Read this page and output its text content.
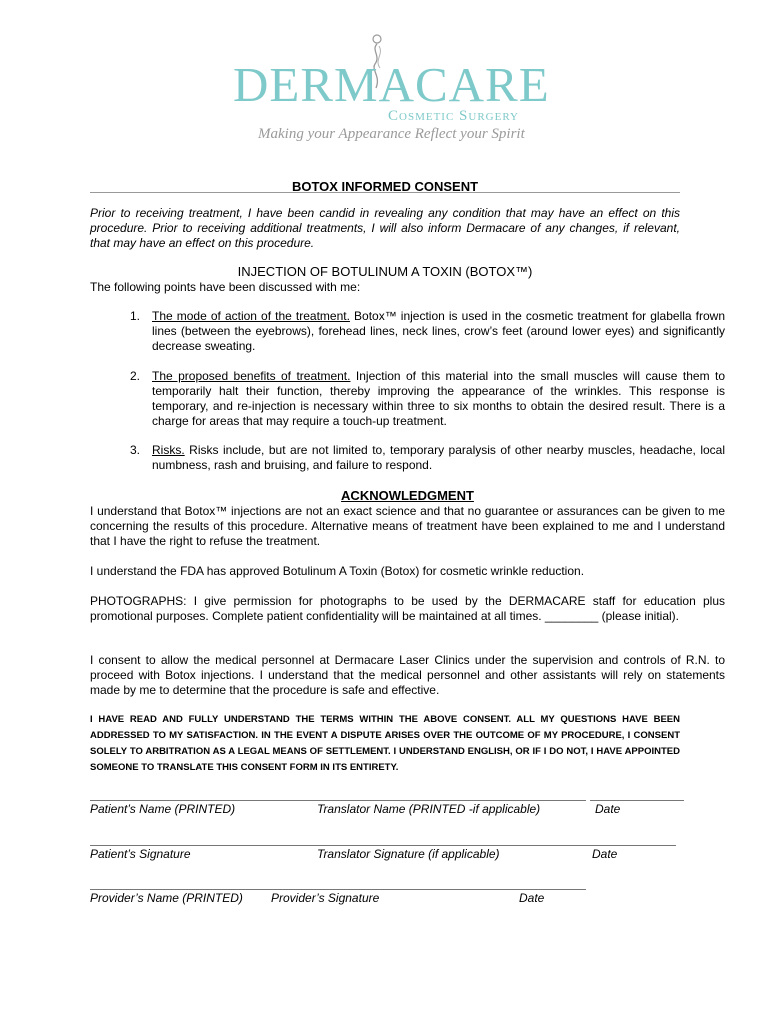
DERMACARE
Cosmetic Surgery
Making your Appearance Reflect your Spirit
BOTOX INFORMED CONSENT
Prior to receiving treatment, I have been candid in revealing any condition that may have an effect on this procedure. Prior to receiving additional treatments, I will also inform Dermacare of any changes, if relevant, that may have an effect on this procedure.
INJECTION OF BOTULINUM A TOXIN (BOTOX™)
The following points have been discussed with me:
1. The mode of action of the treatment. Botox™ injection is used in the cosmetic treatment for glabella frown lines (between the eyebrows), forehead lines, neck lines, crow’s feet (around lower eyes) and significantly decrease sweating.
2. The proposed benefits of treatment. Injection of this material into the small muscles will cause them to temporarily halt their function, thereby improving the appearance of the wrinkles. This response is temporary, and re-injection is necessary within three to six months to obtain the desired result. There is a charge for areas that may require a touch-up treatment.
3. Risks. Risks include, but are not limited to, temporary paralysis of other nearby muscles, headache, local numbness, rash and bruising, and failure to respond.
ACKNOWLEDGMENT
I understand that Botox™ injections are not an exact science and that no guarantee or assurances can be given to me concerning the results of this procedure. Alternative means of treatment have been explained to me and I understand that I have the right to refuse the treatment.
I understand the FDA has approved Botulinum A Toxin (Botox) for cosmetic wrinkle reduction.
PHOTOGRAPHS: I give permission for photographs to be used by the DERMACARE staff for education plus promotional purposes. Complete patient confidentiality will be maintained at all times. ________ (please initial).
I consent to allow the medical personnel at Dermacare Laser Clinics under the supervision and controls of R.N. to proceed with Botox injections. I understand that the medical personnel and other assistants will rely on statements made by me to determine that the procedure is safe and effective.
I HAVE READ AND FULLY UNDERSTAND THE TERMS WITHIN THE ABOVE CONSENT. ALL MY QUESTIONS HAVE BEEN ADDRESSED TO MY SATISFACTION. IN THE EVENT A DISPUTE ARISES OVER THE OUTCOME OF MY PROCEDURE, I CONSENT SOLELY TO ARBITRATION AS A LEGAL MEANS OF SETTLEMENT. I UNDERSTAND ENGLISH, OR IF I DO NOT, I HAVE APPOINTED SOMEONE TO TRANSLATE THIS CONSENT FORM IN ITS ENTIRETY.
Patient’s Name (PRINTED)	Translator Name (PRINTED -if applicable)	Date
Patient’s Signature	Translator Signature (if applicable)	Date
Provider’s Name (PRINTED) Provider’s Signature	Date
